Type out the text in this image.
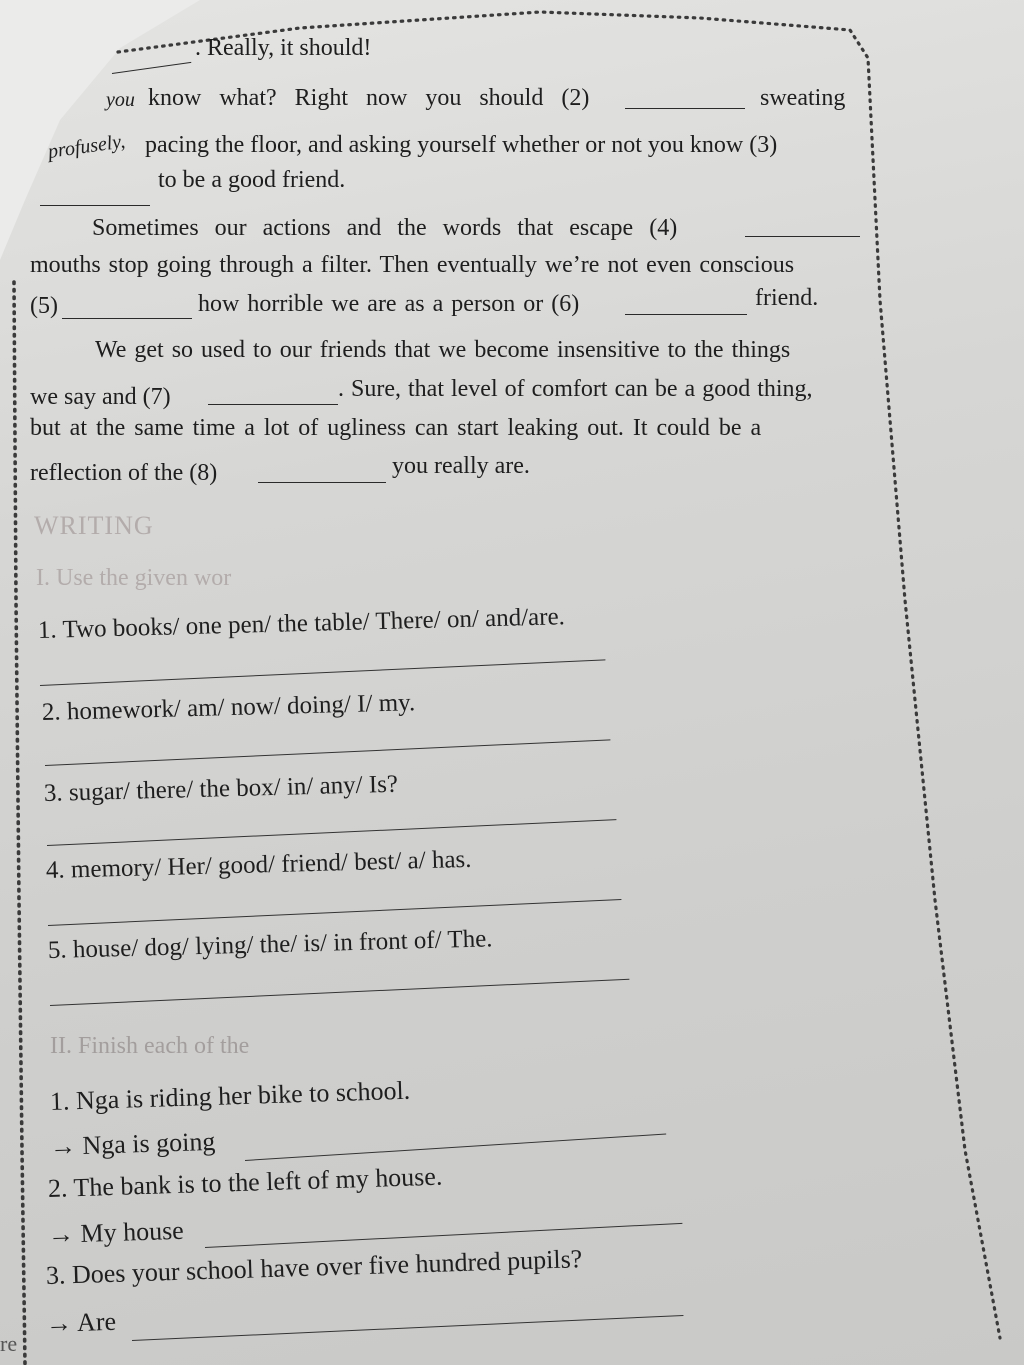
. Really, it should!
you know what? Right now you should (2)	sweating
profusely, pacing the floor, and asking yourself whether or not you know (3)
to be a good friend.
Sometimes our actions and the words that escape (4)
mouths stop going through a filter. Then eventually we’re not even conscious
(5)	how horrible we are as a person or (6)	friend.
We get so used to our friends that we become insensitive to the things
we say and (7)	. Sure, that level of comfort can be a good thing,
but at the same time a lot of ugliness can start leaking out. It could be a
reflection of the (8)	you really are.
WRITING
I. Use the given wor
1. Two books/ one pen/ the table/ There/ on/ and/are.
2. homework/ am/ now/ doing/ I/ my.
3. sugar/ there/ the box/ in/ any/ Is?
4. memory/ Her/ good/ friend/ best/ a/ has.
5. house/ dog/ lying/ the/ is/ in front of/ The.
II. Finish each of the
1. Nga is riding her bike to school.
→ Nga is going
2. The bank is to the left of my house.
→ My house
3. Does your school have over five hundred pupils?
→ Are
re
